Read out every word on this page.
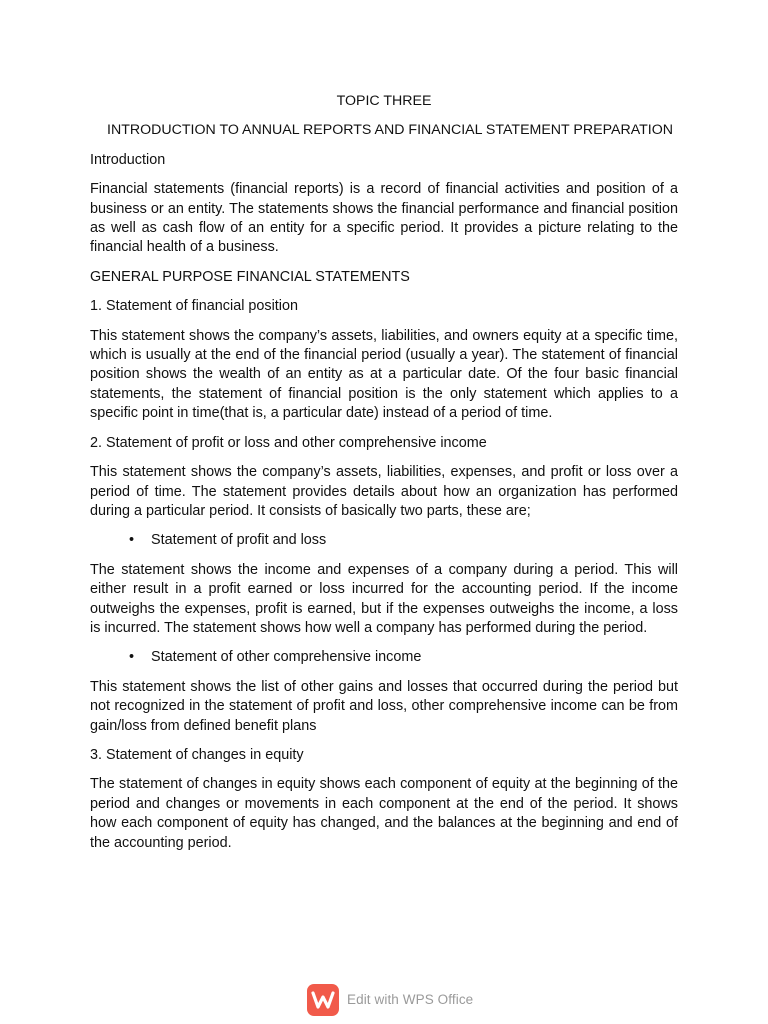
TOPIC THREE
INTRODUCTION TO ANNUAL REPORTS AND FINANCIAL STATEMENT PREPARATION
Introduction

Financial statements (financial reports) is a record of financial activities and position of a business or an entity. The statements shows the financial performance and financial position as well as cash flow of an entity for a specific period. It provides a picture relating to the financial health of a business.

GENERAL PURPOSE FINANCIAL STATEMENTS
1. Statement of financial position

This statement shows the company’s assets, liabilities, and owners equity at a specific time, which is usually at the end of the financial period (usually a year). The statement of financial position shows the wealth of an entity as at a particular date. Of the four basic financial statements, the statement of financial position is the only statement which applies to a specific point in time(that is, a particular date) instead of a period of time.

2. Statement of profit or loss and other comprehensive income

This statement shows the company’s assets, liabilities, expenses, and profit or loss over a period of time. The statement provides details about how an organization has performed during a particular period. It consists of basically two parts, these are;

• Statement of profit and loss

The statement shows the income and expenses of a company during a period. This will either result in a profit earned or loss incurred for the accounting period. If the income outweighs the expenses, profit is earned, but if the expenses outweighs the income, a loss is incurred. The statement shows how well a company has performed during the period.

• Statement of other comprehensive income

This statement shows the list of other gains and losses that occurred during the period but not recognized in the statement of profit and loss, other comprehensive income can be from gain/loss from defined benefit plans

3. Statement of changes in equity

The statement of changes in equity shows each component of equity at the beginning of the period and changes or movements in each component at the end of the period. It shows how each component of equity has changed, and the balances at the beginning and end of the accounting period.

Edit with WPS Office
